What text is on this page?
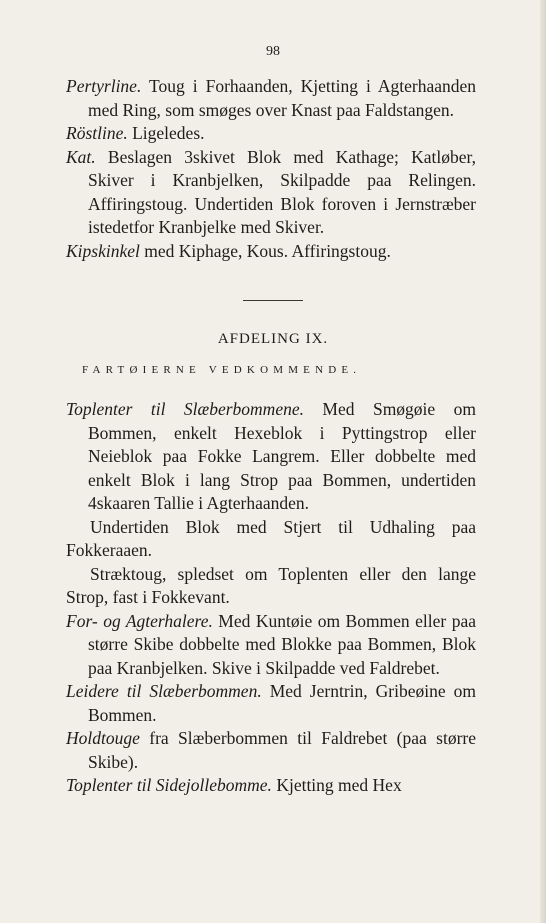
98

Pertyrline. Toug i Forhaanden, Kjetting i Agterhaanden med Ring, som smøges over Knast paa Faldstangen.

Röstline. Ligeledes.

Kat. Beslagen 3skivet Blok med Kathage; Katløber, Skiver i Kranbjelken, Skilpadde paa Relingen. Affiringstoug. Undertiden Blok foroven i Jernstræber istedetfor Kranbjelke med Skiver.

Kipskinkel med Kiphage, Kous. Affiringstoug.

AFDELING IX.
FARTØIERNE VEDKOMMENDE.

Toplenter til Slæberbommene. Med Smøgøie om Bommen, enkelt Hexeblok i Pyttingstrop eller Neieblok paa Fokke Langrem. Eller dobbelte med enkelt Blok i lang Strop paa Bommen, undertiden 4skaaren Tallie i Agterhaanden.

Undertiden Blok med Stjert til Udhaling paa Fokkeraaen.

Stræktoug, spledset om Toplenten eller den lange Strop, fast i Fokkevant.

For- og Agterhalere. Med Kuntøie om Bommen eller paa større Skibe dobbelte med Blokke paa Bommen, Blok paa Kranbjelken. Skive i Skilpadde ved Faldrebet.

Leidere til Slæberbommen. Med Jerntrin, Gribeøine om Bommen.

Holdtouge fra Slæberbommen til Faldrebet (paa større Skibe).

Toplenter til Sidejollebomme. Kjetting med Hex
